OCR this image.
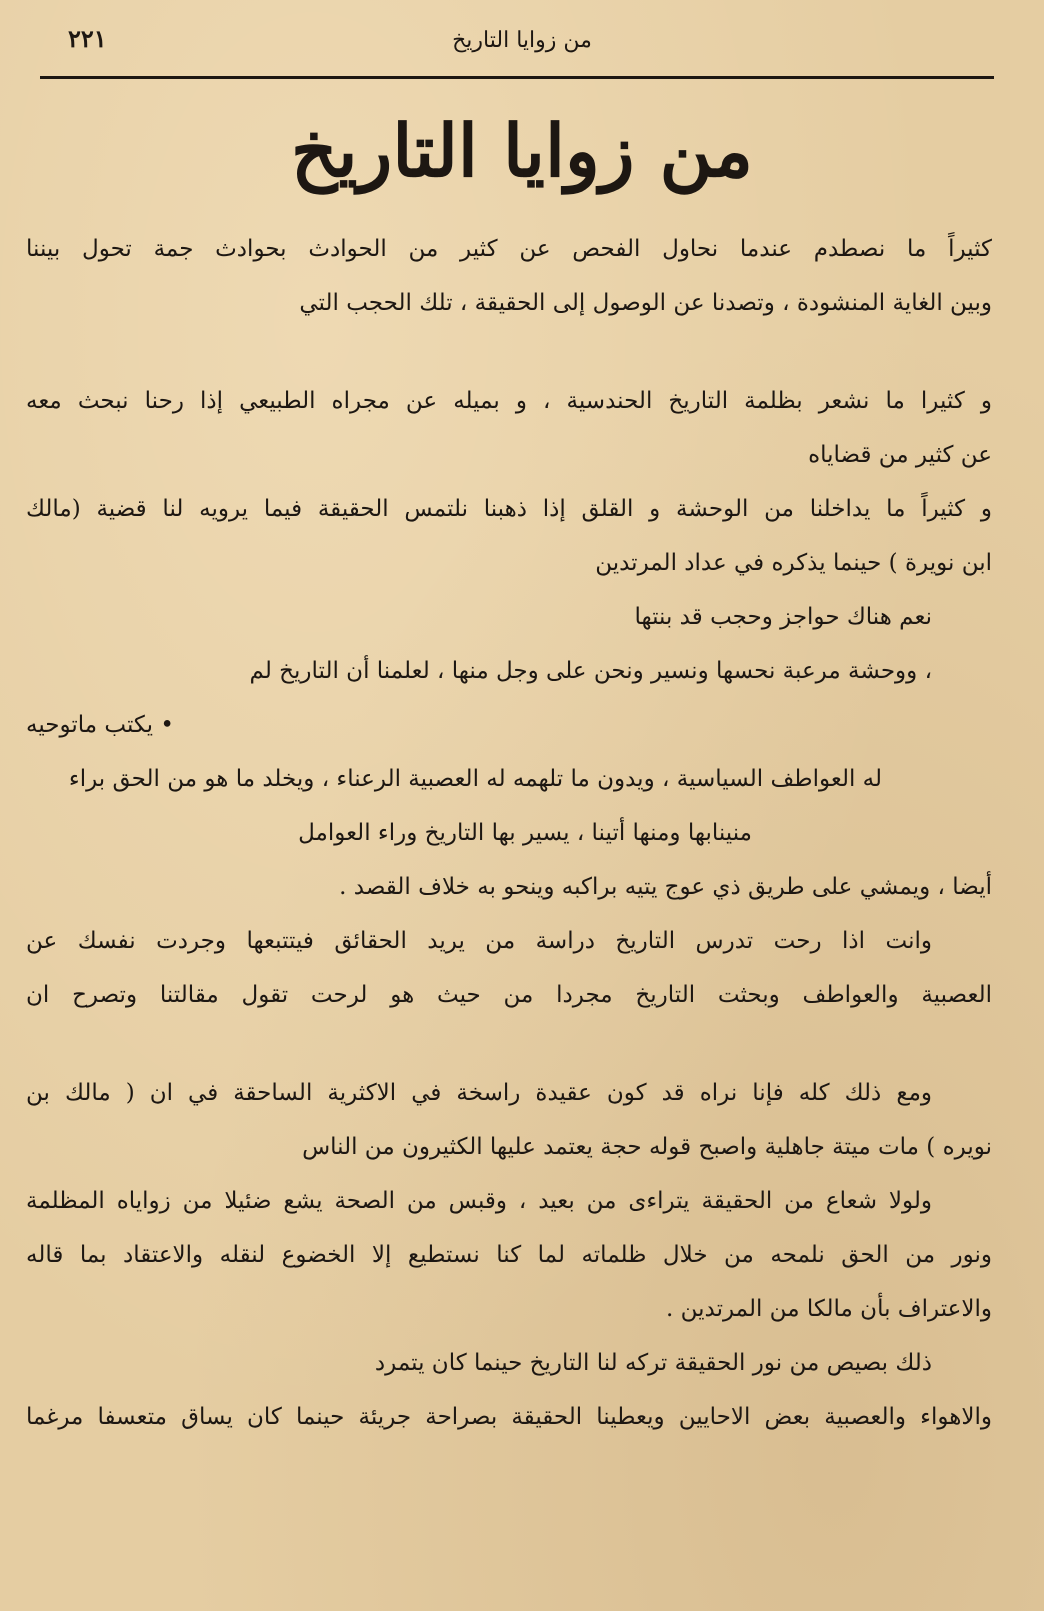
من زوايا التاريخ
٢٢١
من زوايا التاريخ
كثيراً ما نصطدم عندما نحاول الفحص عن كثير من الحوادث بحوادث جمة تحول بيننا
وبين الغاية المنشودة ، وتصدنا عن الوصول إلى الحقيقة ، تلك الحجب التي
و كثيرا ما نشعر بظلمة التاريخ الحندسية ، و بميله عن مجراه الطبيعي إذا رحنا نبحث معه
عن كثير من قضاياه
و كثيراً ما يداخلنا من الوحشة و القلق إذا ذهبنا نلتمس الحقيقة فيما يرويه لنا قضية (مالك
ابن نويرة ) حينما يذكره في عداد المرتدين
نعم هناك حواجز وحجب قد بنتها
، ووحشة مرعبة نحسها ونسير ونحن على وجل منها ، لعلمنا أن التاريخ لم
• يكتب ماتوحيه
له العواطف السياسية ، ويدون ما تلهمه له العصبية الرعناء ، ويخلد ما هو من الحق براء
منينابها ومنها أتينا ، يسير بها التاريخ وراء العوامل
أيضا ، ويمشي على طريق ذي عوج يتيه براكبه وينحو به خلاف القصد .
وانت اذا رحت تدرس التاريخ دراسة من يريد الحقائق فيتتبعها وجردت نفسك عن
العصبية والعواطف وبحثت التاريخ مجردا من حيث هو لرحت تقول مقالتنا وتصرح ان
ومع ذلك كله فإنا نراه قد كون عقيدة راسخة في الاكثرية الساحقة في ان ( مالك بن
نويره ) مات ميتة جاهلية واصبح قوله حجة يعتمد عليها الكثيرون من الناس
ولولا شعاع من الحقيقة يتراءى من بعيد ، وقبس من الصحة يشع ضئيلا من زواياه المظلمة
ونور من الحق نلمحه من خلال ظلماته لما كنا نستطيع إلا الخضوع لنقله والاعتقاد بما قاله
والاعتراف بأن مالكا من المرتدين .
ذلك بصيص من نور الحقيقة تركه لنا التاريخ حينما كان يتمرد
والاهواء والعصبية بعض الاحايين ويعطينا الحقيقة بصراحة جريئة حينما كان يساق متعسفا مرغما
